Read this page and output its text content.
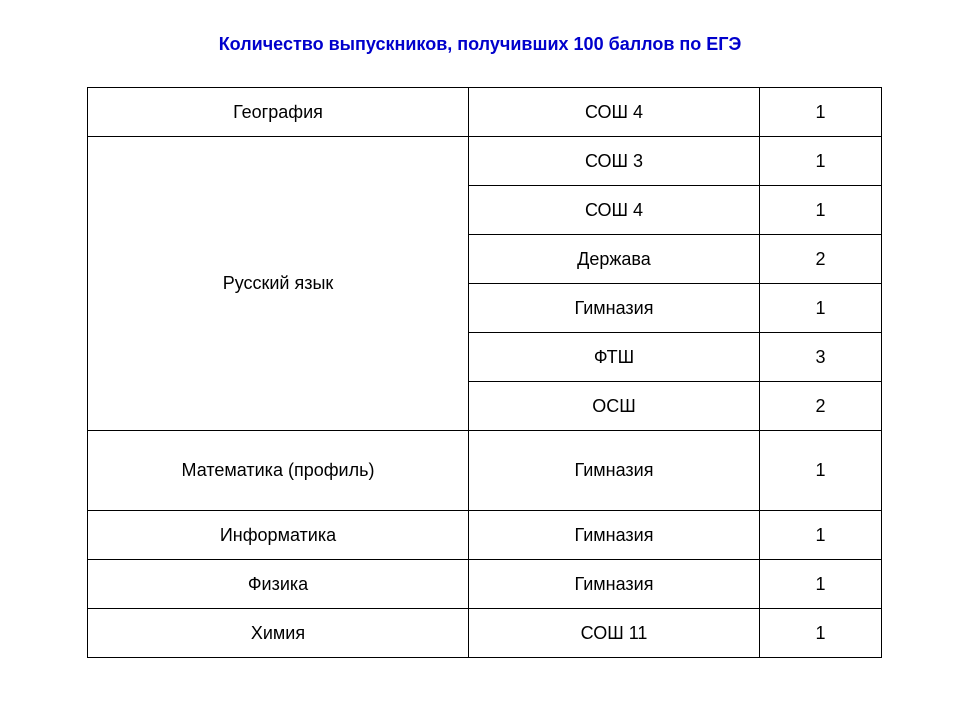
Количество выпускников, получивших 100 баллов по ЕГЭ
География	СОШ 4	1
Русский язык	СОШ 3	1
	СОШ 4	1
	Держава	2
	Гимназия	1
	ФТШ	3
	ОСШ	2
Математика (профиль)	Гимназия	1
Информатика	Гимназия	1
Физика	Гимназия	1
Химия	СОШ 11	1
